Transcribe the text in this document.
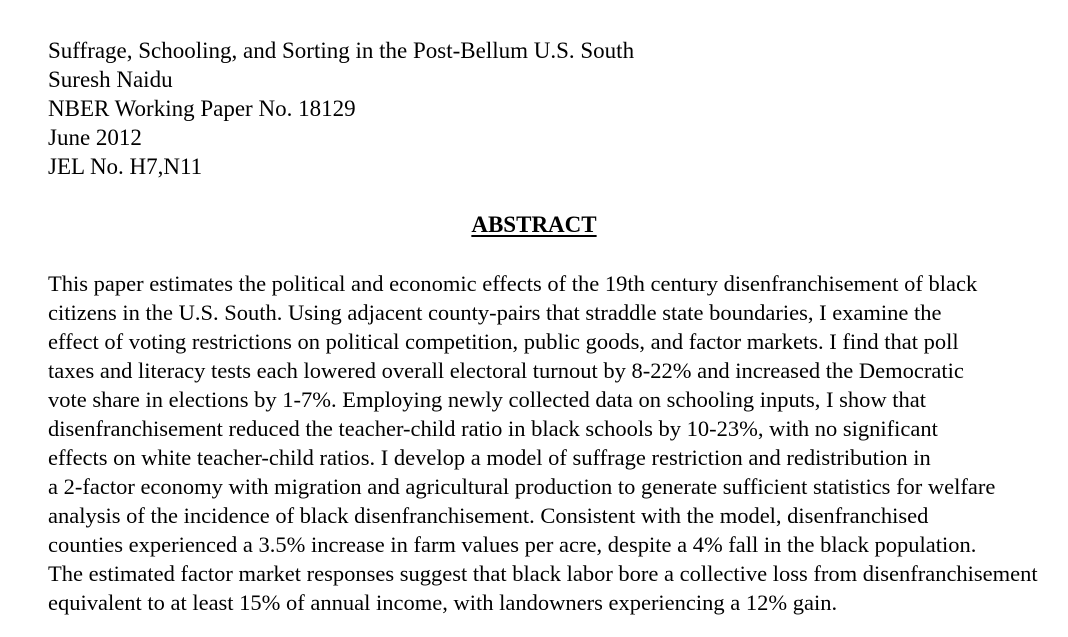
Suffrage, Schooling, and Sorting in the Post-Bellum U.S. South
Suresh Naidu
NBER Working Paper No. 18129
June 2012
JEL No. H7,N11
ABSTRACT
This paper estimates the political and economic effects of the 19th century disenfranchisement of black
citizens in the U.S. South. Using adjacent county-pairs that straddle state boundaries, I examine the
effect of voting restrictions on political competition, public goods, and factor markets. I find that poll
taxes and literacy tests each lowered overall electoral turnout by 8-22% and increased the Democratic
vote share in elections by 1-7%. Employing newly collected data on schooling inputs, I show that
disenfranchisement reduced the teacher-child ratio in black schools by 10-23%, with no significant
effects on white teacher-child ratios. I develop a model of suffrage restriction and redistribution in
a 2-factor economy with migration and agricultural production to generate sufficient statistics for welfare
analysis of the incidence of black disenfranchisement. Consistent with the model, disenfranchised
counties experienced a 3.5% increase in farm values per acre, despite a 4% fall in the black population.
The estimated factor market responses suggest that black labor bore a collective loss from disenfranchisement
equivalent to at least 15% of annual income, with landowners experiencing a 12% gain.
